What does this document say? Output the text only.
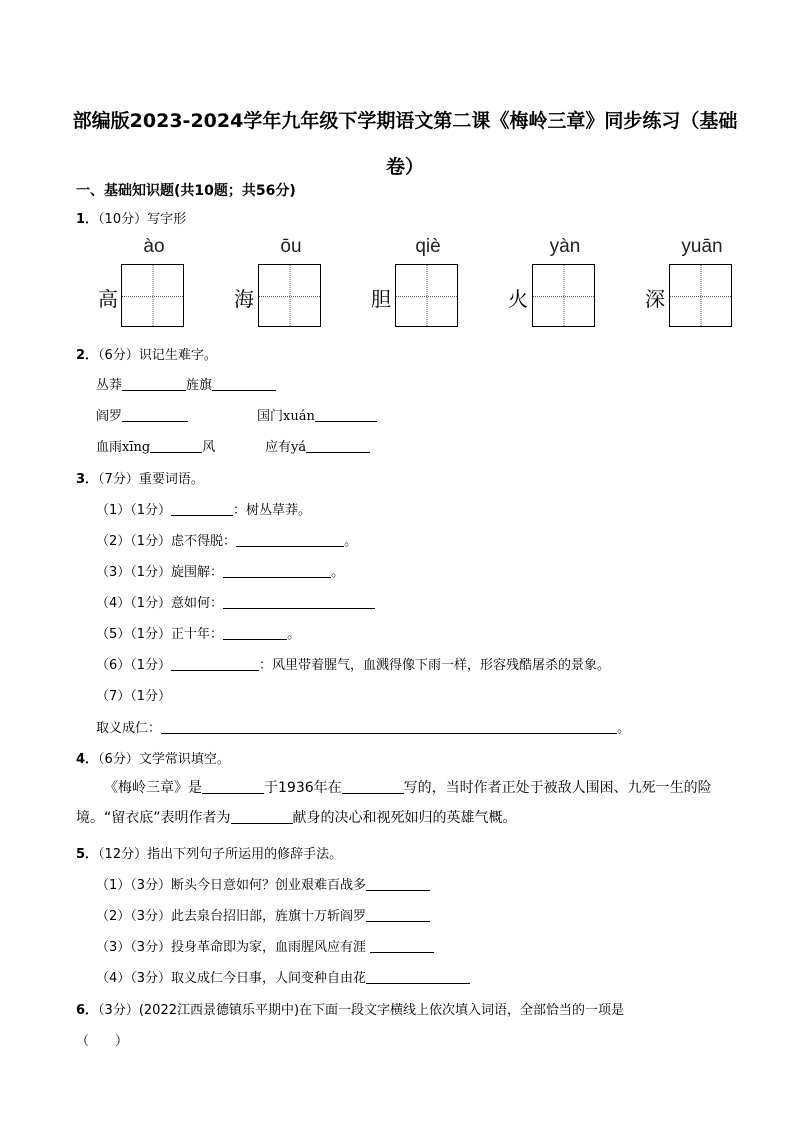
部编版2023-2024学年九年级下学期语文第二课《梅岭三章》同步练习（基础卷）
一、基础知识题(共10题；共56分)
1．（10分）写字形
ào
高
ōu
海
qiè
胆
yàn
火
yuān
深
2．（6分）识记生难字。
丛莽	旌旗
阎罗	国门xuán
血雨xīng	风	应有yá
3．（7分）重要词语。
（1）（1分）	：树丛草莽。
（2）（1分）虑不得脱：	。
（3）（1分）旋围解：	。
（4）（1分）意如何：
（5）（1分）正十年：	。
（6）（1分）	：风里带着腥气，血溅得像下雨一样，形容残酷屠杀的景象。
（7）（1分）
取义成仁：	。
4．（6分）文学常识填空。
《梅岭三章》是	于1936年在	写的，当时作者正处于被敌人围困、九死一生的险境。“留衣底”表明作者为	献身的决心和视死如归的英雄气概。
5．（12分）指出下列句子所运用的修辞手法。
（1）（3分）断头今日意如何？创业艰难百战多
（2）（3分）此去泉台招旧部，旌旗十万斩阎罗
（3）（3分）投身革命即为家，血雨腥风应有涯
（4）（3分）取义成仁今日事，人间变种自由花
6．（3分）(2022江西景德镇乐平期中)在下面一段文字横线上依次填入词语，全部恰当的一项是
（　　）
